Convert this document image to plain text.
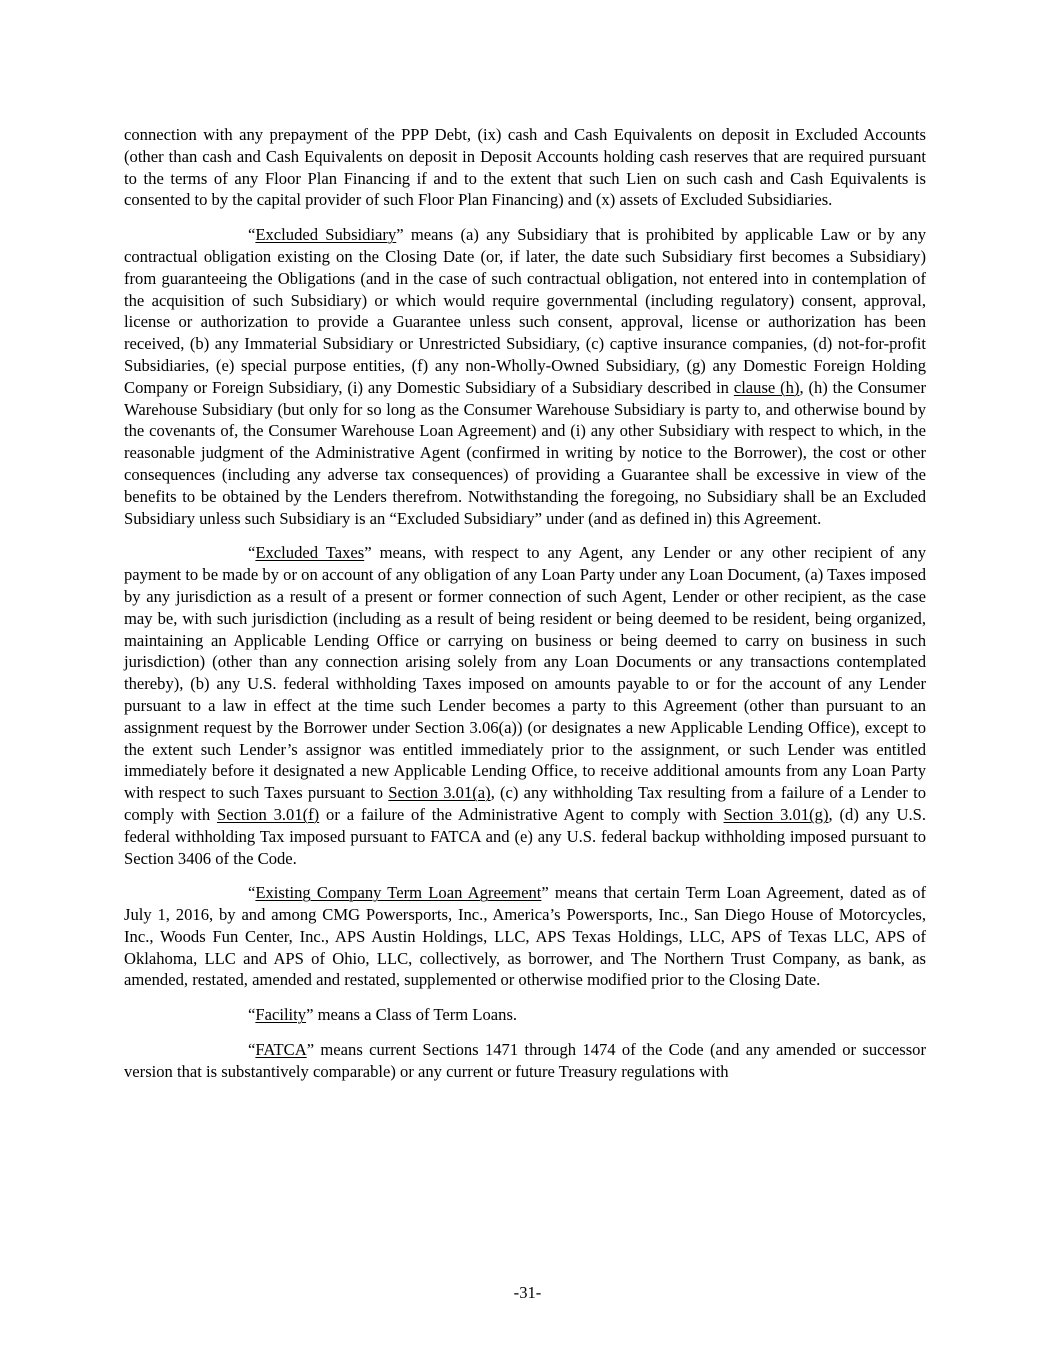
connection with any prepayment of the PPP Debt, (ix) cash and Cash Equivalents on deposit in Excluded Accounts (other than cash and Cash Equivalents on deposit in Deposit Accounts holding cash reserves that are required pursuant to the terms of any Floor Plan Financing if and to the extent that such Lien on such cash and Cash Equivalents is consented to by the capital provider of such Floor Plan Financing) and (x) assets of Excluded Subsidiaries.

“Excluded Subsidiary” means (a) any Subsidiary that is prohibited by applicable Law or by any contractual obligation existing on the Closing Date (or, if later, the date such Subsidiary first becomes a Subsidiary) from guaranteeing the Obligations (and in the case of such contractual obligation, not entered into in contemplation of the acquisition of such Subsidiary) or which would require governmental (including regulatory) consent, approval, license or authorization to provide a Guarantee unless such consent, approval, license or authorization has been received, (b) any Immaterial Subsidiary or Unrestricted Subsidiary, (c) captive insurance companies, (d) not-for-profit Subsidiaries, (e) special purpose entities, (f) any non-Wholly-Owned Subsidiary, (g) any Domestic Foreign Holding Company or Foreign Subsidiary, (i) any Domestic Subsidiary of a Subsidiary described in clause (h), (h) the Consumer Warehouse Subsidiary (but only for so long as the Consumer Warehouse Subsidiary is party to, and otherwise bound by the covenants of, the Consumer Warehouse Loan Agreement) and (i) any other Subsidiary with respect to which, in the reasonable judgment of the Administrative Agent (confirmed in writing by notice to the Borrower), the cost or other consequences (including any adverse tax consequences) of providing a Guarantee shall be excessive in view of the benefits to be obtained by the Lenders therefrom. Notwithstanding the foregoing, no Subsidiary shall be an Excluded Subsidiary unless such Subsidiary is an “Excluded Subsidiary” under (and as defined in) this Agreement.

“Excluded Taxes” means, with respect to any Agent, any Lender or any other recipient of any payment to be made by or on account of any obligation of any Loan Party under any Loan Document, (a) Taxes imposed by any jurisdiction as a result of a present or former connection of such Agent, Lender or other recipient, as the case may be, with such jurisdiction (including as a result of being resident or being deemed to be resident, being organized, maintaining an Applicable Lending Office or carrying on business or being deemed to carry on business in such jurisdiction) (other than any connection arising solely from any Loan Documents or any transactions contemplated thereby), (b) any U.S. federal withholding Taxes imposed on amounts payable to or for the account of any Lender pursuant to a law in effect at the time such Lender becomes a party to this Agreement (other than pursuant to an assignment request by the Borrower under Section 3.06(a)) (or designates a new Applicable Lending Office), except to the extent such Lender’s assignor was entitled immediately prior to the assignment, or such Lender was entitled immediately before it designated a new Applicable Lending Office, to receive additional amounts from any Loan Party with respect to such Taxes pursuant to Section 3.01(a), (c) any withholding Tax resulting from a failure of a Lender to comply with Section 3.01(f) or a failure of the Administrative Agent to comply with Section 3.01(g), (d) any U.S. federal withholding Tax imposed pursuant to FATCA and (e) any U.S. federal backup withholding imposed pursuant to Section 3406 of the Code.

“Existing Company Term Loan Agreement” means that certain Term Loan Agreement, dated as of July 1, 2016, by and among CMG Powersports, Inc., America’s Powersports, Inc., San Diego House of Motorcycles, Inc., Woods Fun Center, Inc., APS Austin Holdings, LLC, APS Texas Holdings, LLC, APS of Texas LLC, APS of Oklahoma, LLC and APS of Ohio, LLC, collectively, as borrower, and The Northern Trust Company, as bank, as amended, restated, amended and restated, supplemented or otherwise modified prior to the Closing Date.

“Facility” means a Class of Term Loans.

“FATCA” means current Sections 1471 through 1474 of the Code (and any amended or successor version that is substantively comparable) or any current or future Treasury regulations with

-31-
